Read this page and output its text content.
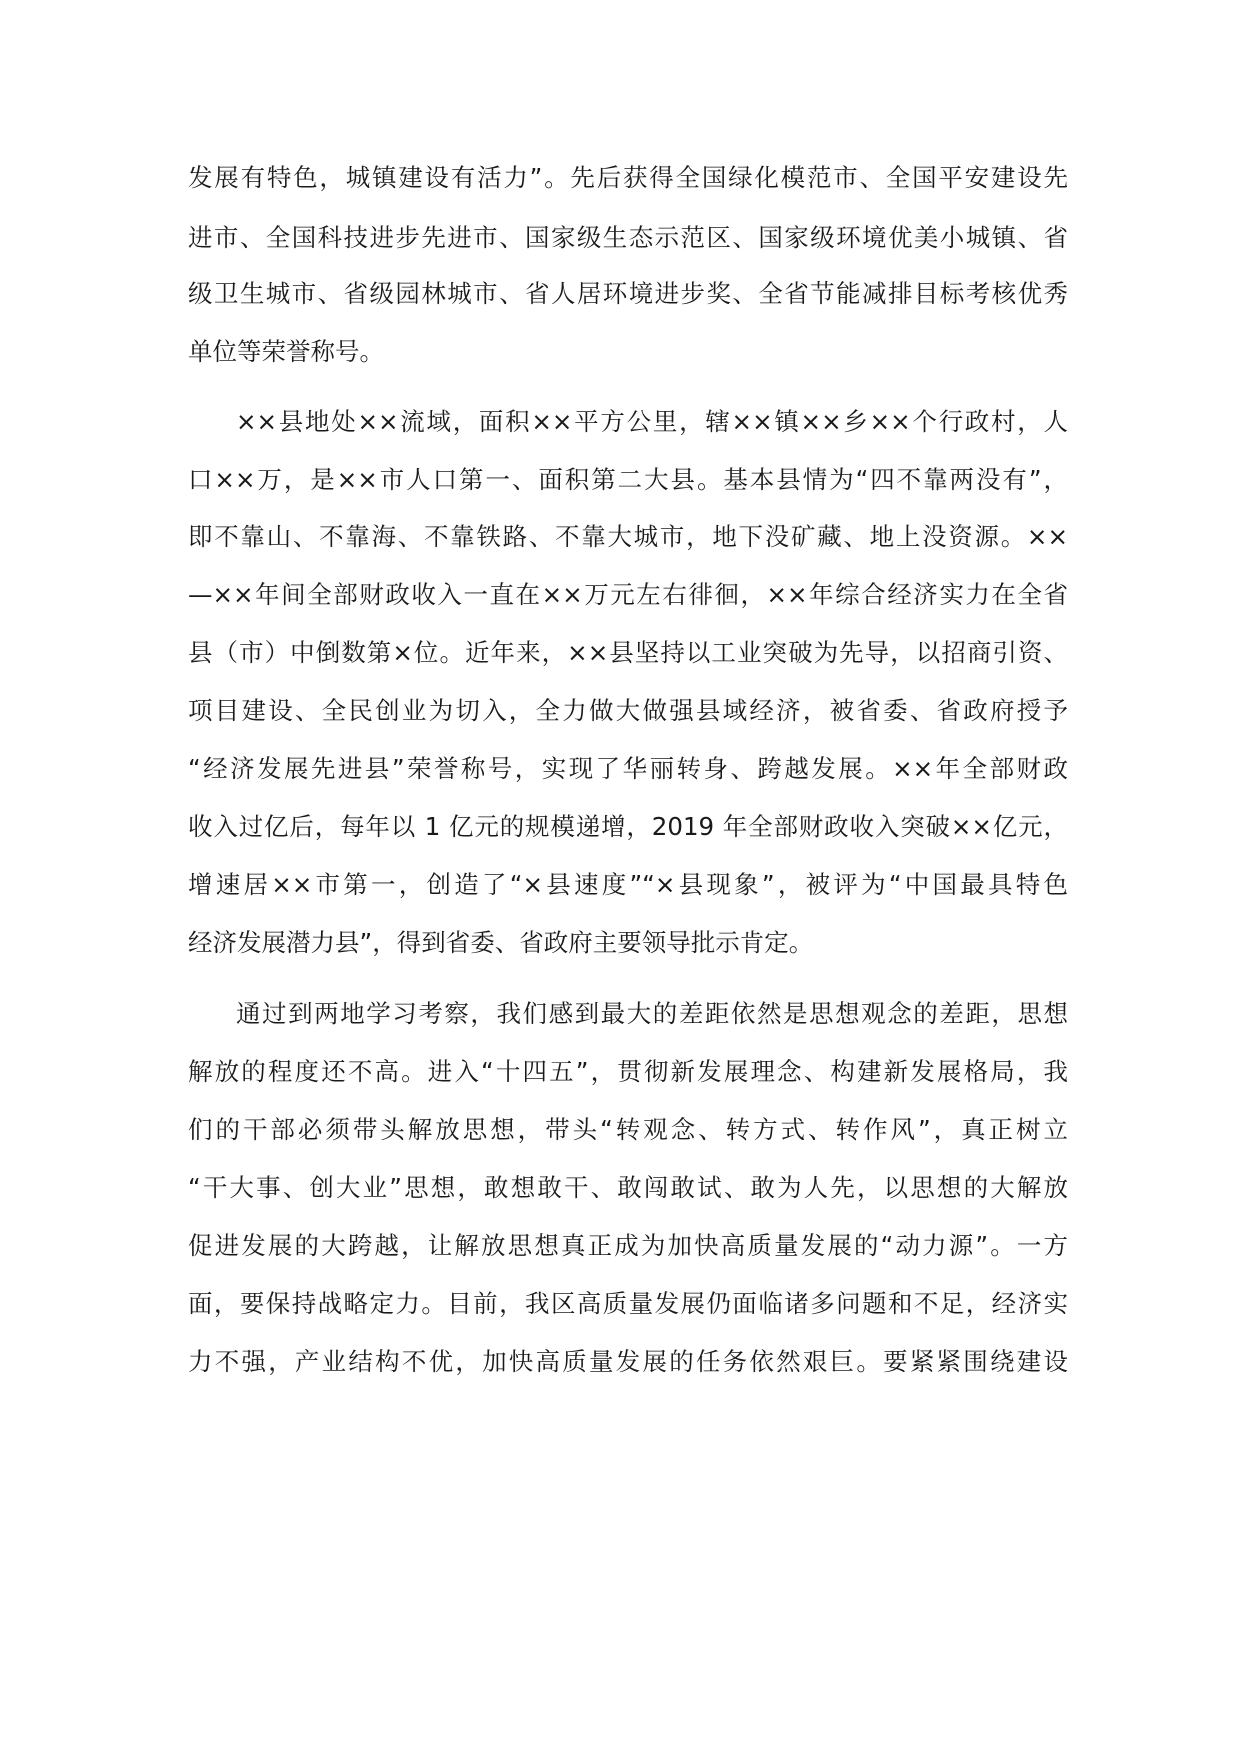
发展有特色，城镇建设有活力”。先后获得全国绿化模范市、全国平安建设先
进市、全国科技进步先进市、国家级生态示范区、国家级环境优美小城镇、省
级卫生城市、省级园林城市、省人居环境进步奖、全省节能减排目标考核优秀
单位等荣誉称号。
××县地处××流域，面积××平方公里，辖××镇××乡××个行政村，人
口××万，是××市人口第一、面积第二大县。基本县情为“四不靠两没有”，
即不靠山、不靠海、不靠铁路、不靠大城市，地下没矿藏、地上没资源。××
—××年间全部财政收入一直在××万元左右徘徊，××年综合经济实力在全省
县（市）中倒数第×位。近年来，××县坚持以工业突破为先导，以招商引资、
项目建设、全民创业为切入，全力做大做强县域经济，被省委、省政府授予
“经济发展先进县”荣誉称号，实现了华丽转身、跨越发展。××年全部财政
收入过亿后，每年以 1 亿元的规模递增，2019 年全部财政收入突破××亿元，
增速居××市第一，创造了“×县速度”“×县现象”，被评为“中国最具特色
经济发展潜力县”，得到省委、省政府主要领导批示肯定。
通过到两地学习考察，我们感到最大的差距依然是思想观念的差距，思想
解放的程度还不高。进入“十四五”，贯彻新发展理念、构建新发展格局，我
们的干部必须带头解放思想，带头“转观念、转方式、转作风”，真正树立
“干大事、创大业”思想，敢想敢干、敢闯敢试、敢为人先，以思想的大解放
促进发展的大跨越，让解放思想真正成为加快高质量发展的“动力源”。一方
面，要保持战略定力。目前，我区高质量发展仍面临诸多问题和不足，经济实
力不强，产业结构不优，加快高质量发展的任务依然艰巨。要紧紧围绕建设
